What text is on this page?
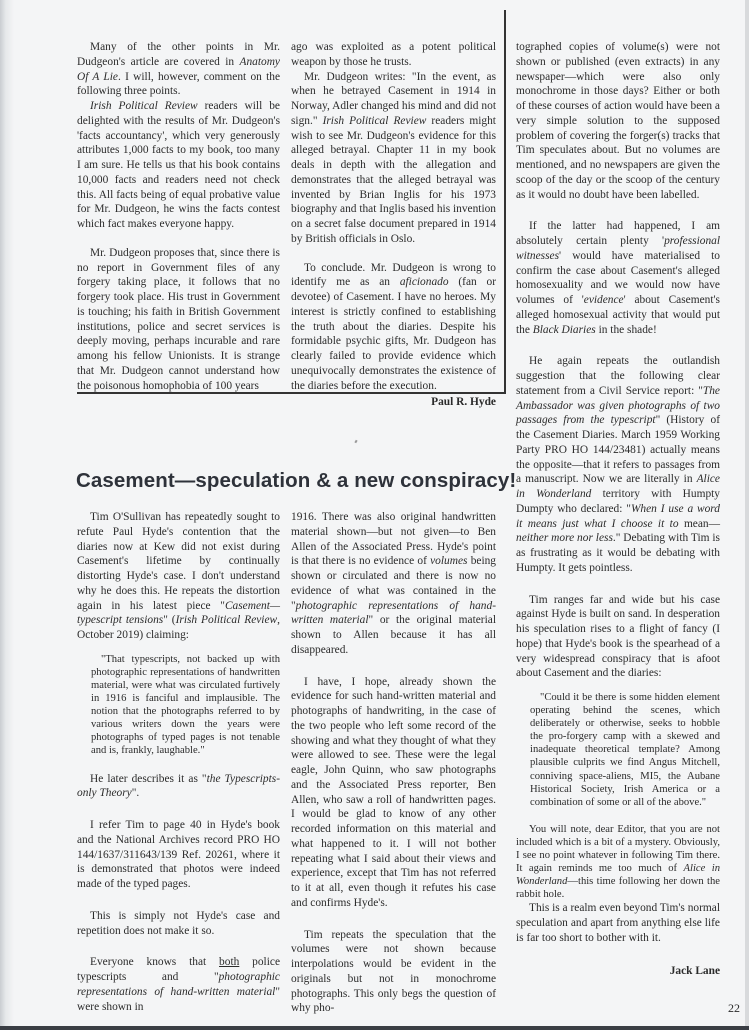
Many of the other points in Mr. Dudgeon's article are covered in Anatomy Of A Lie. I will, however, comment on the following three points.

Irish Political Review readers will be delighted with the results of Mr. Dudgeon's 'facts accountancy', which very generously attributes 1,000 facts to my book, too many I am sure. He tells us that his book contains 10,000 facts and readers need not check this. All facts being of equal probative value for Mr. Dudgeon, he wins the facts contest which fact makes everyone happy.

Mr. Dudgeon proposes that, since there is no report in Government files of any forgery taking place, it follows that no forgery took place. His trust in Government is touching; his faith in British Government institutions, police and secret services is deeply moving, perhaps incurable and rare among his fellow Unionists. It is strange that Mr. Dudgeon cannot understand how the poisonous homophobia of 100 years

ago was exploited as a potent political weapon by those he trusts.

Mr. Dudgeon writes: "In the event, as when he betrayed Casement in 1914 in Norway, Adler changed his mind and did not sign." Irish Political Review readers might wish to see Mr. Dudgeon's evidence for this alleged betrayal. Chapter 11 in my book deals in depth with the allegation and demonstrates that the alleged betrayal was invented by Brian Inglis for his 1973 biography and that Inglis based his invention on a secret false document prepared in 1914 by British officials in Oslo.

To conclude. Mr. Dudgeon is wrong to identify me as an aficionado (fan or devotee) of Casement. I have no heroes. My interest is strictly confined to establishing the truth about the diaries. Despite his formidable psychic gifts, Mr. Dudgeon has clearly failed to provide evidence which unequivocally demonstrates the existence of the diaries before the execution.

Paul R. Hyde

Casement—speculation & a new conspiracy!

Tim O'Sullivan has repeatedly sought to refute Paul Hyde's contention that the diaries now at Kew did not exist during Casement's lifetime by continually distorting Hyde's case. I don't understand why he does this. He repeats the distortion again in his latest piece "Casement—typescript tensions" (Irish Political Review, October 2019) claiming:

"That typescripts, not backed up with photographic representations of handwritten material, were what was circulated furtively in 1916 is fanciful and implausible. The notion that the photographs referred to by various writers down the years were photographs of typed pages is not tenable and is, frankly, laughable."

He later describes it as "the Typescripts-only Theory".

I refer Tim to page 40 in Hyde's book and the National Archives record PRO HO 144/1637/311643/139 Ref. 20261, where it is demonstrated that photos were indeed made of the typed pages.

This is simply not Hyde's case and repetition does not make it so.

Everyone knows that both police typescripts and "photographic representations of hand-written material" were shown in

1916. There was also original handwritten material shown—but not given—to Ben Allen of the Associated Press. Hyde's point is that there is no evidence of volumes being shown or circulated and there is now no evidence of what was contained in the "photographic representations of hand-written material" or the original material shown to Allen because it has all disappeared.

I have, I hope, already shown the evidence for such hand-written material and photographs of handwriting, in the case of the two people who left some record of the showing and what they thought of what they were allowed to see. These were the legal eagle, John Quinn, who saw photographs and the Associated Press reporter, Ben Allen, who saw a roll of handwritten pages. I would be glad to know of any other recorded information on this material and what happened to it. I will not bother repeating what I said about their views and experience, except that Tim has not referred to it at all, even though it refutes his case and confirms Hyde's.

Tim repeats the speculation that the volumes were not shown because interpolations would be evident in the originals but not in monochrome photographs. This only begs the question of why pho-

tographed copies of volume(s) were not shown or published (even extracts) in any newspaper—which were also only monochrome in those days? Either or both of these courses of action would have been a very simple solution to the supposed problem of covering the forger(s) tracks that Tim speculates about. But no volumes are mentioned, and no newspapers are given the scoop of the day or the scoop of the century as it would no doubt have been labelled.

If the latter had happened, I am absolutely certain plenty 'professional witnesses' would have materialised to confirm the case about Casement's alleged homosexuality and we would now have volumes of 'evidence' about Casement's alleged homosexual activity that would put the Black Diaries in the shade!

He again repeats the outlandish suggestion that the following clear statement from a Civil Service report: "The Ambassador was given photographs of two passages from the typescript" (History of the Casement Diaries. March 1959 Working Party PRO HO 144/23481) actually means the opposite—that it refers to passages from a manuscript. Now we are literally in Alice in Wonderland territory with Humpty Dumpty who declared: "When I use a word it means just what I choose it to mean—neither more nor less." Debating with Tim is as frustrating as it would be debating with Humpty. It gets pointless.

Tim ranges far and wide but his case against Hyde is built on sand. In desperation his speculation rises to a flight of fancy (I hope) that Hyde's book is the spearhead of a very widespread conspiracy that is afoot about Casement and the diaries:

"Could it be there is some hidden element operating behind the scenes, which deliberately or otherwise, seeks to hobble the pro-forgery camp with a skewed and inadequate theoretical template? Among plausible culprits we find Angus Mitchell, conniving space-aliens, MI5, the Aubane Historical Society, Irish America or a combination of some or all of the above."

You will note, dear Editor, that you are not included which is a bit of a mystery. Obviously, I see no point whatever in following Tim there. It again reminds me too much of Alice in Wonderland—this time following her down the rabbit hole.

This is a realm even beyond Tim's normal speculation and apart from anything else life is far too short to bother with it.

Jack Lane

22
